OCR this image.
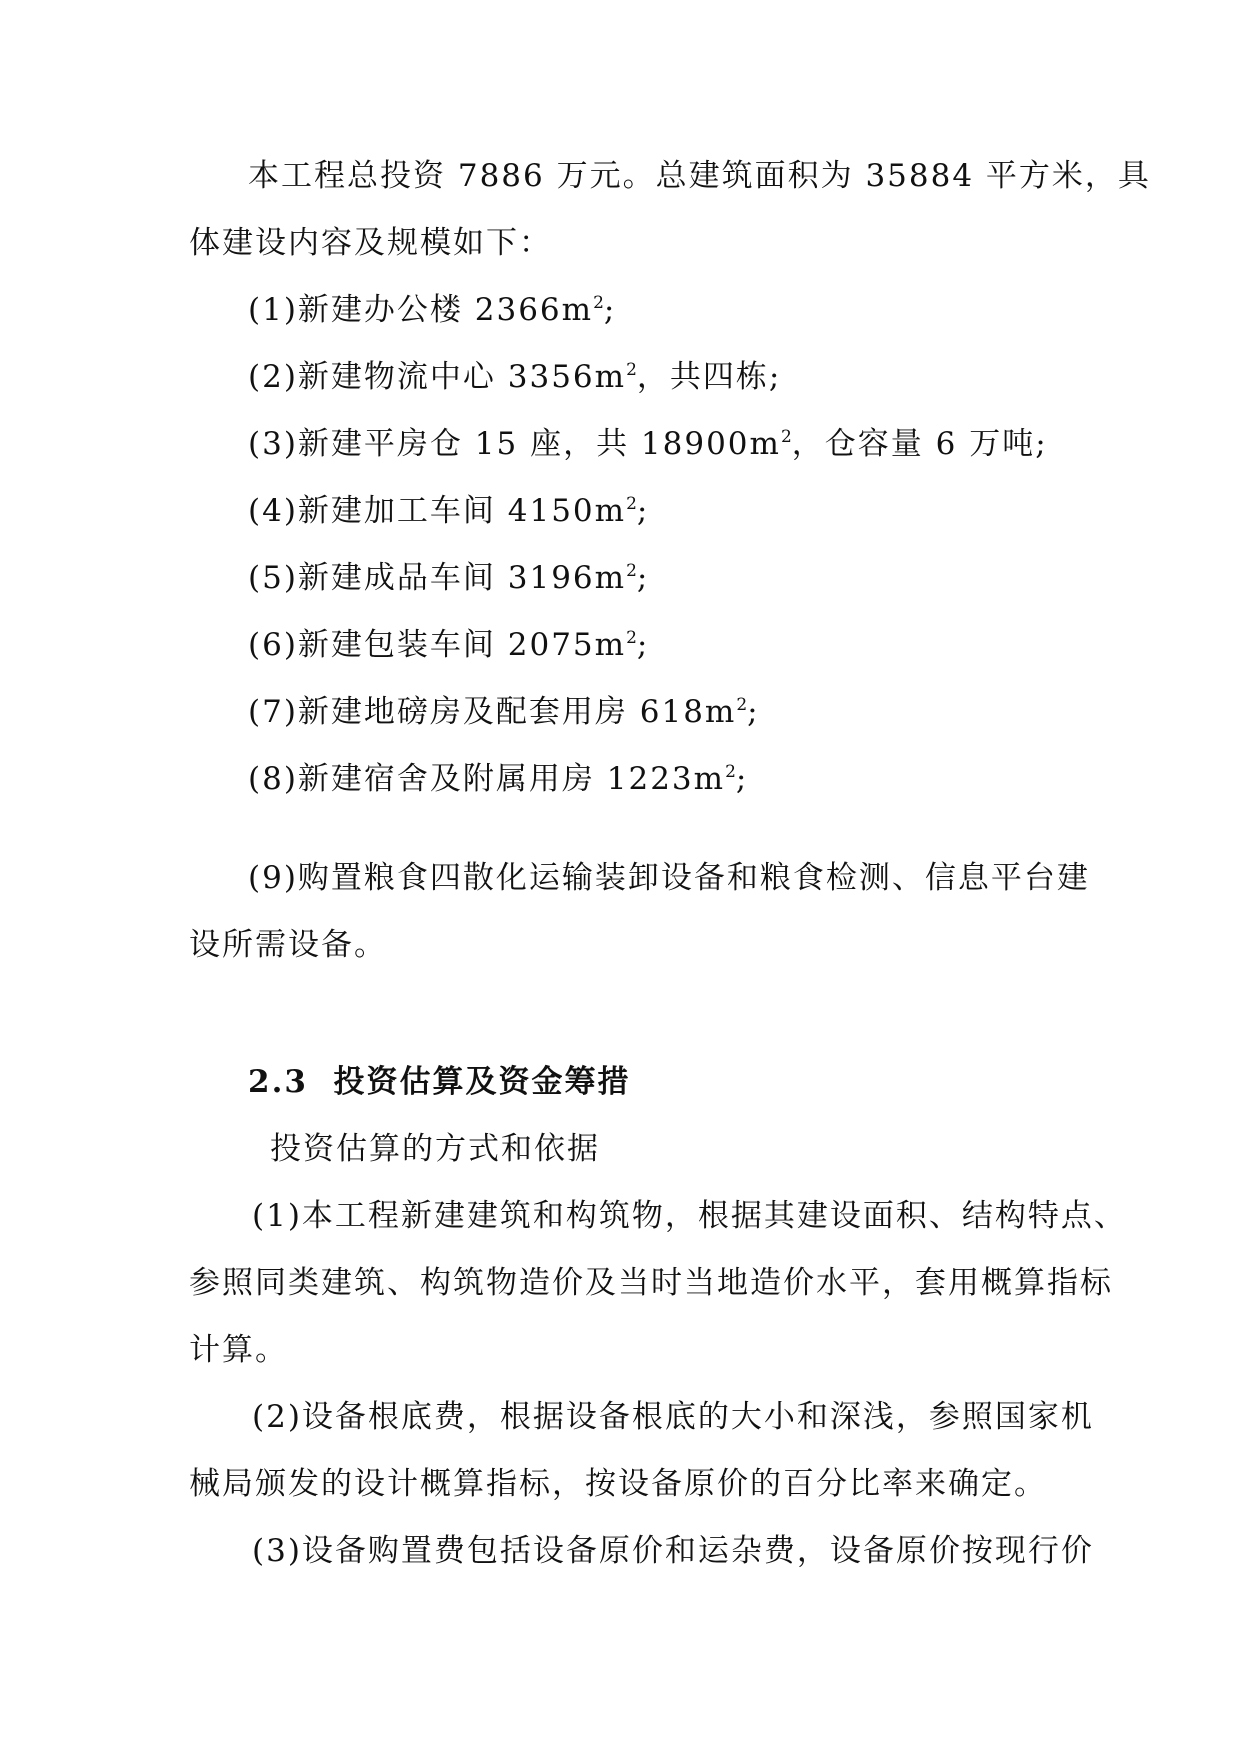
本工程总投资 7886 万元。总建筑面积为 35884 平方米，具
体建设内容及规模如下：
(1)新建办公楼 $2366m^2$;
(2)新建物流中心 $3356m^2$，共四栋;
(3)新建平房仓 15 座，共 $18900m^2$，仓容量 6 万吨;
(4)新建加工车间 $4150m^2$;
(5)新建成品车间 $3196m^2$;
(6)新建包装车间 $2075m^2$;
(7)新建地磅房及配套用房 $618m^2$;
(8)新建宿舍及附属用房 $1223m^2$;
(9)购置粮食四散化运输装卸设备和粮食检测、信息平台建
设所需设备。
2.3 投资估算及资金筹措
投资估算的方式和依据
(1)本工程新建建筑和构筑物，根据其建设面积、结构特点、
参照同类建筑、构筑物造价及当时当地造价水平，套用概算指标
计算。
(2)设备根底费，根据设备根底的大小和深浅，参照国家机
械局颁发的设计概算指标，按设备原价的百分比率来确定。
(3)设备购置费包括设备原价和运杂费，设备原价按现行价
